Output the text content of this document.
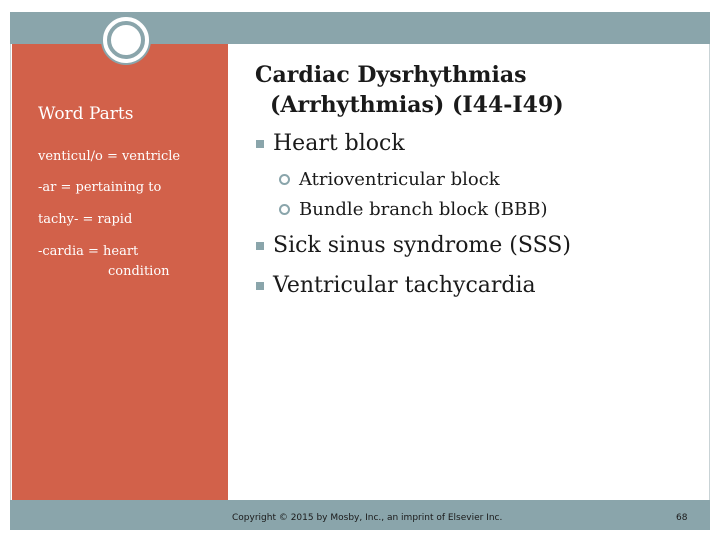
Word Parts
venticul/o = ventricle
-ar = pertaining to
tachy- = rapid
-cardia = heart
condition
Cardiac Dysrhythmias
(Arrhythmias) (I44-I49)
Heart block
Atrioventricular block
Bundle branch block (BBB)
Sick sinus syndrome (SSS)
Ventricular tachycardia
Copyright © 2015 by Mosby, Inc., an imprint of Elsevier Inc.	68
